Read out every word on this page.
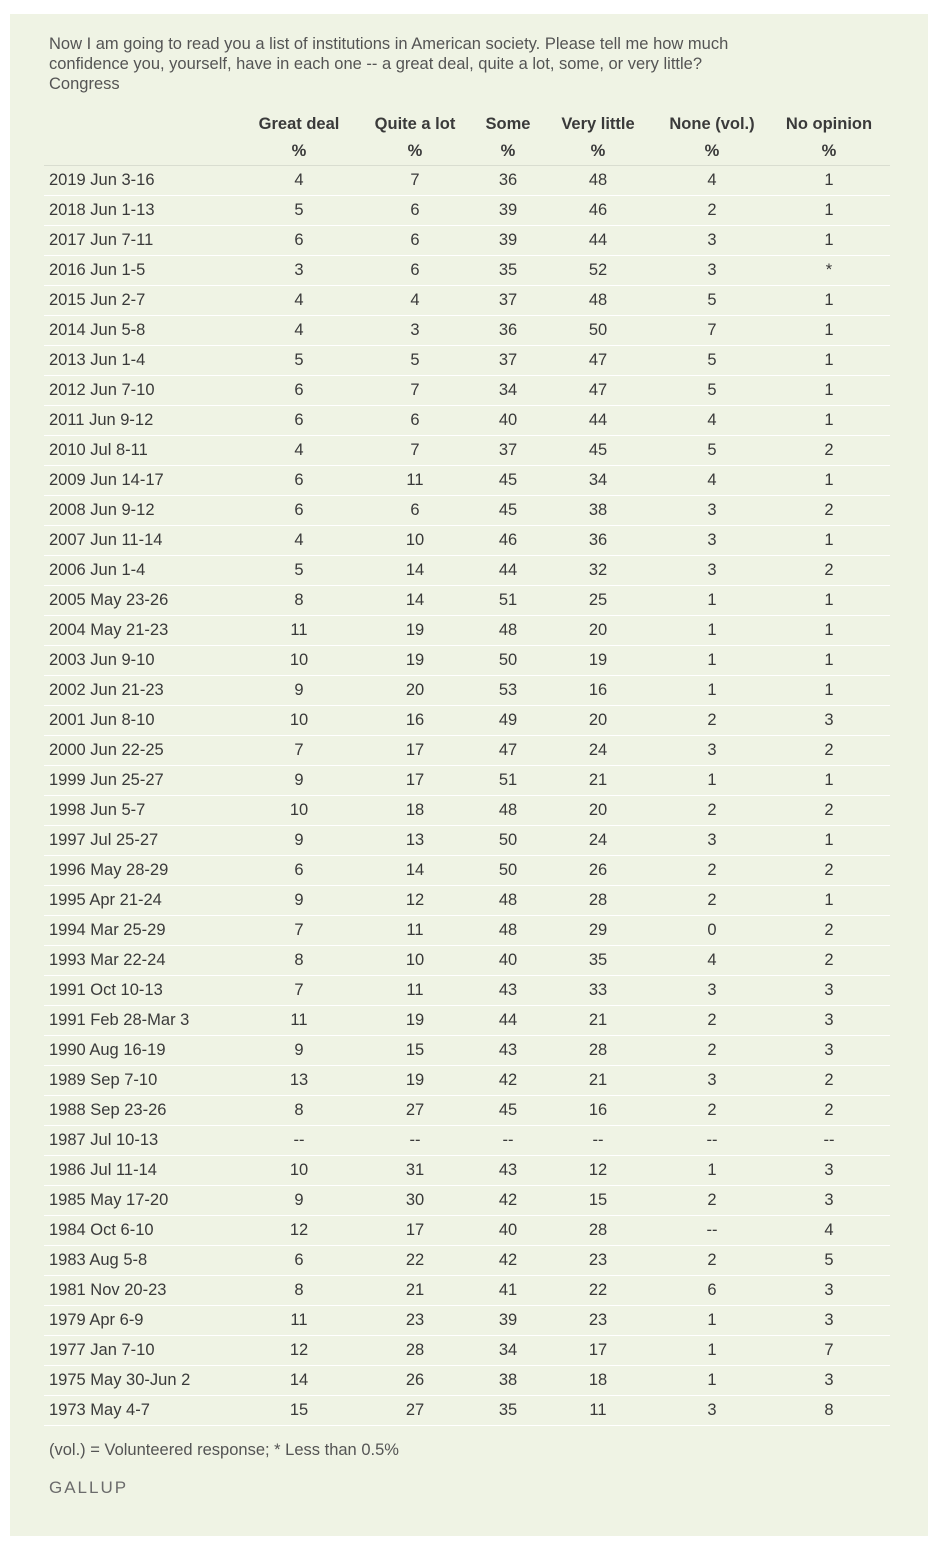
Now I am going to read you a list of institutions in American society. Please tell me how much confidence you, yourself, have in each one -- a great deal, quite a lot, some, or very little? Congress
	Great deal	Quite a lot	Some	Very little	None (vol.)	No opinion
	%	%	%	%	%	%
2019 Jun 3-16	4	7	36	48	4	1
2018 Jun 1-13	5	6	39	46	2	1
2017 Jun 7-11	6	6	39	44	3	1
2016 Jun 1-5	3	6	35	52	3	*
2015 Jun 2-7	4	4	37	48	5	1
2014 Jun 5-8	4	3	36	50	7	1
2013 Jun 1-4	5	5	37	47	5	1
2012 Jun 7-10	6	7	34	47	5	1
2011 Jun 9-12	6	6	40	44	4	1
2010 Jul 8-11	4	7	37	45	5	2
2009 Jun 14-17	6	11	45	34	4	1
2008 Jun 9-12	6	6	45	38	3	2
2007 Jun 11-14	4	10	46	36	3	1
2006 Jun 1-4	5	14	44	32	3	2
2005 May 23-26	8	14	51	25	1	1
2004 May 21-23	11	19	48	20	1	1
2003 Jun 9-10	10	19	50	19	1	1
2002 Jun 21-23	9	20	53	16	1	1
2001 Jun 8-10	10	16	49	20	2	3
2000 Jun 22-25	7	17	47	24	3	2
1999 Jun 25-27	9	17	51	21	1	1
1998 Jun 5-7	10	18	48	20	2	2
1997 Jul 25-27	9	13	50	24	3	1
1996 May 28-29	6	14	50	26	2	2
1995 Apr 21-24	9	12	48	28	2	1
1994 Mar 25-29	7	11	48	29	0	2
1993 Mar 22-24	8	10	40	35	4	2
1991 Oct 10-13	7	11	43	33	3	3
1991 Feb 28-Mar 3	11	19	44	21	2	3
1990 Aug 16-19	9	15	43	28	2	3
1989 Sep 7-10	13	19	42	21	3	2
1988 Sep 23-26	8	27	45	16	2	2
1987 Jul 10-13	--	--	--	--	--	--
1986 Jul 11-14	10	31	43	12	1	3
1985 May 17-20	9	30	42	15	2	3
1984 Oct 6-10	12	17	40	28	--	4
1983 Aug 5-8	6	22	42	23	2	5
1981 Nov 20-23	8	21	41	22	6	3
1979 Apr 6-9	11	23	39	23	1	3
1977 Jan 7-10	12	28	34	17	1	7
1975 May 30-Jun 2	14	26	38	18	1	3
1973 May 4-7	15	27	35	11	3	8
(vol.) = Volunteered response; * Less than 0.5%
GALLUP
